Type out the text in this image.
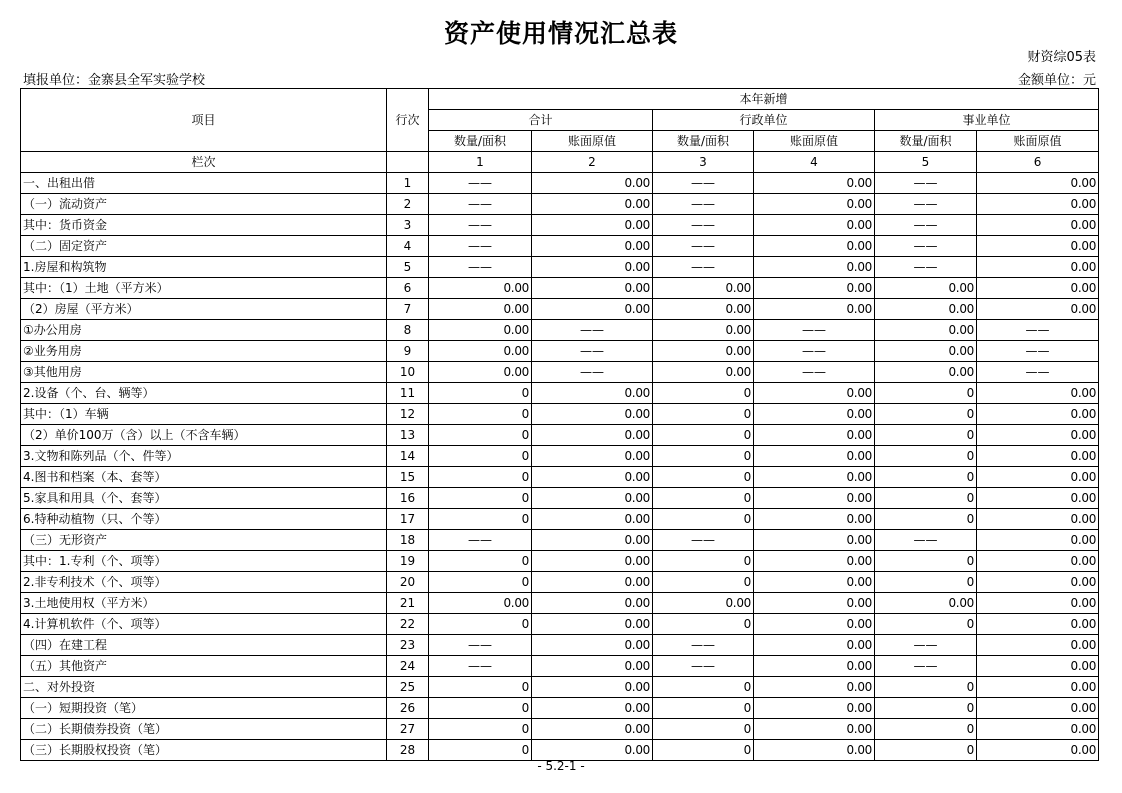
资产使用情况汇总表
财资综05表
填报单位：金寨县全军实验学校	金额单位：元
项目	行次	本年新增					
		合计		行政单位		事业单位	
		数量/面积	账面原值	数量/面积	账面原值	数量/面积	账面原值
栏次		1	2	3	4	5	6
一、出租出借	1	——	0.00	——	0.00	——	0.00
（一）流动资产	2	——	0.00	——	0.00	——	0.00
其中：货币资金	3	——	0.00	——	0.00	——	0.00
（二）固定资产	4	——	0.00	——	0.00	——	0.00
1.房屋和构筑物	5	——	0.00	——	0.00	——	0.00
其中：（1）土地（平方米）	6	0.00	0.00	0.00	0.00	0.00	0.00
（2）房屋（平方米）	7	0.00	0.00	0.00	0.00	0.00	0.00
①办公用房	8	0.00	——	0.00	——	0.00	——
②业务用房	9	0.00	——	0.00	——	0.00	——
③其他用房	10	0.00	——	0.00	——	0.00	——
2.设备（个、台、辆等）	11	0	0.00	0	0.00	0	0.00
其中：（1）车辆	12	0	0.00	0	0.00	0	0.00
（2）单价100万（含）以上（不含车辆）	13	0	0.00	0	0.00	0	0.00
3.文物和陈列品（个、件等）	14	0	0.00	0	0.00	0	0.00
4.图书和档案（本、套等）	15	0	0.00	0	0.00	0	0.00
5.家具和用具（个、套等）	16	0	0.00	0	0.00	0	0.00
6.特种动植物（只、个等）	17	0	0.00	0	0.00	0	0.00
（三）无形资产	18	——	0.00	——	0.00	——	0.00
其中：1.专利（个、项等）	19	0	0.00	0	0.00	0	0.00
2.非专利技术（个、项等）	20	0	0.00	0	0.00	0	0.00
3.土地使用权（平方米）	21	0.00	0.00	0.00	0.00	0.00	0.00
4.计算机软件（个、项等）	22	0	0.00	0	0.00	0	0.00
（四）在建工程	23	——	0.00	——	0.00	——	0.00
（五）其他资产	24	——	0.00	——	0.00	——	0.00
二、对外投资	25	0	0.00	0	0.00	0	0.00
（一）短期投资（笔）	26	0	0.00	0	0.00	0	0.00
（二）长期债券投资（笔）	27	0	0.00	0	0.00	0	0.00
（三）长期股权投资（笔）	28	0	0.00	0	0.00	0	0.00
- 5.2-1 -
